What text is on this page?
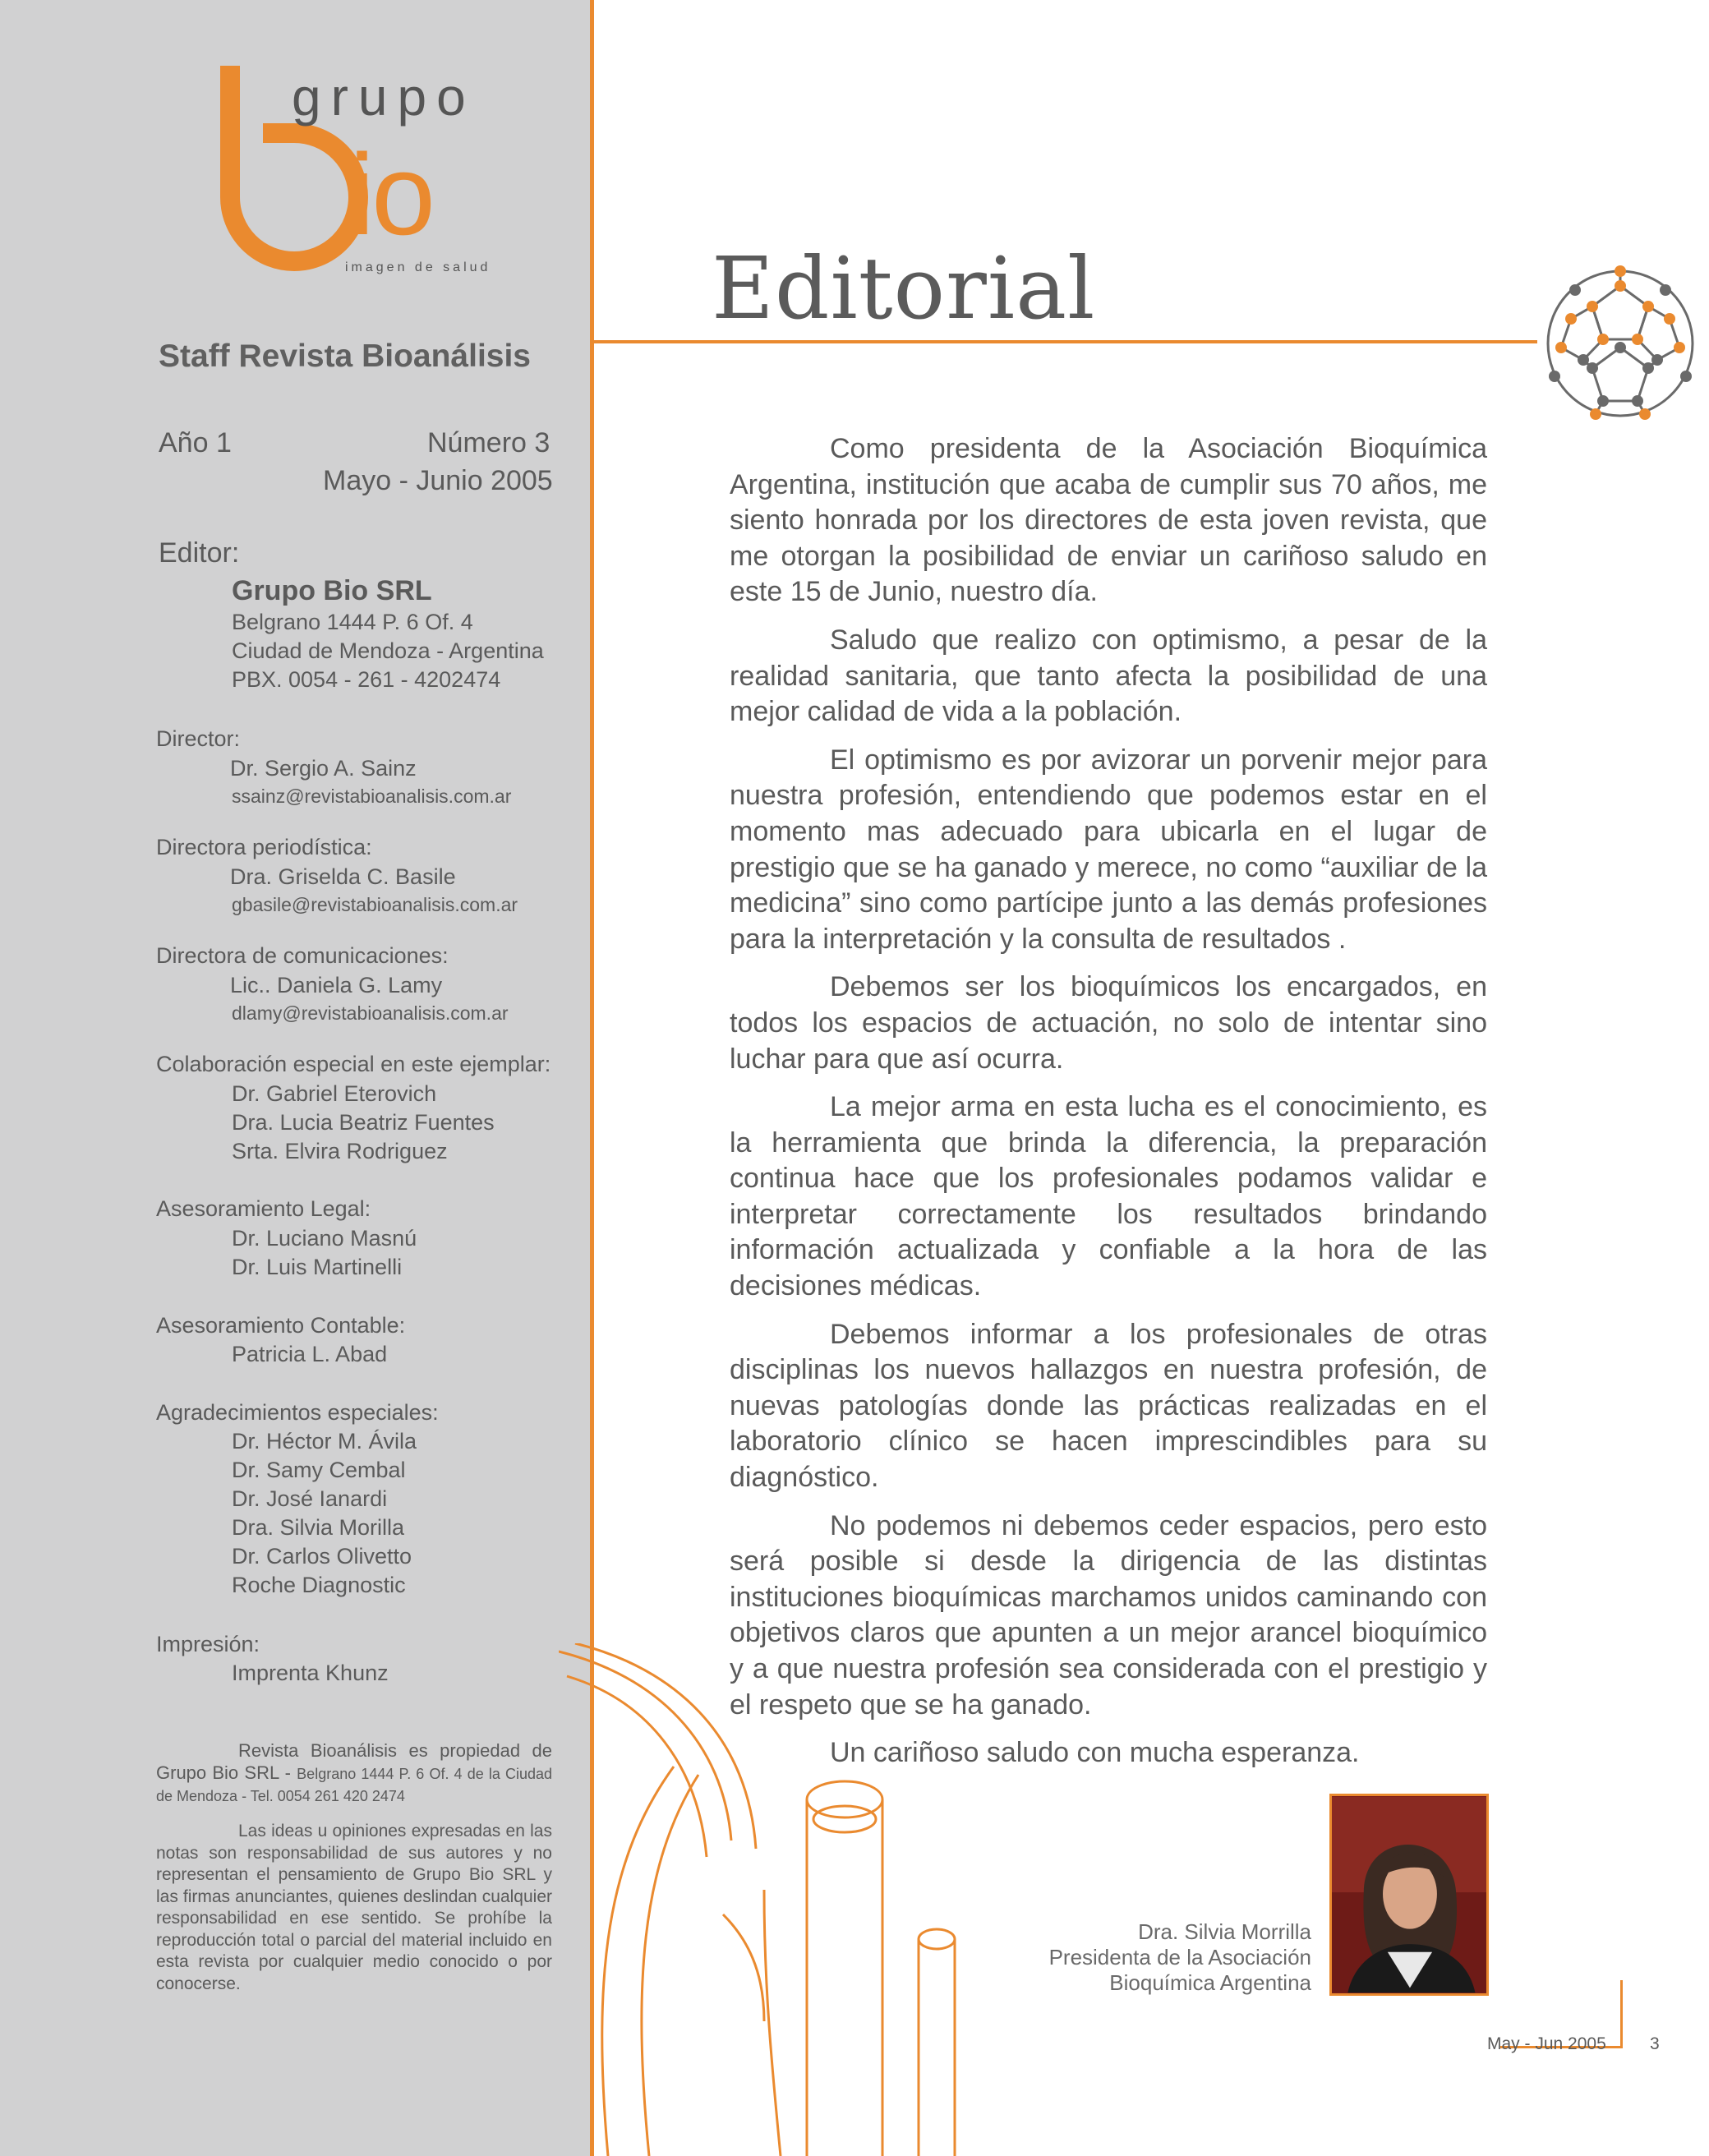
grupo
io
imagen de salud
Staff Revista Bioanálisis
Año 1	Número 3
Mayo - Junio 2005
Editor:
Grupo Bio SRL
Belgrano 1444 P. 6 Of. 4
Ciudad de Mendoza - Argentina
PBX. 0054 - 261 - 4202474
Director:
Dr. Sergio A. Sainz
ssainz@revistabioanalisis.com.ar
Directora periodística:
Dra. Griselda C. Basile
gbasile@revistabioanalisis.com.ar
Directora de comunicaciones:
Lic.. Daniela G. Lamy
dlamy@revistabioanalisis.com.ar
Colaboración especial en este ejemplar:
Dr. Gabriel Eterovich
Dra. Lucia Beatriz Fuentes
Srta. Elvira Rodriguez
Asesoramiento Legal:
Dr. Luciano Masnú
Dr. Luis Martinelli
Asesoramiento Contable:
Patricia L. Abad
Agradecimientos especiales:
Dr. Héctor M. Ávila
Dr. Samy Cembal
Dr. José Ianardi
Dra. Silvia Morilla
Dr. Carlos Olivetto
Roche Diagnostic
Impresión:
Imprenta Khunz
Revista Bioanálisis es propiedad de Grupo Bio SRL - Belgrano 1444 P. 6 Of. 4 de la Ciudad de Mendoza - Tel. 0054 261 420 2474
Las ideas u opiniones expresadas en las notas son responsabilidad de sus autores y no representan el pensamiento de Grupo Bio SRL y las firmas anunciantes, quienes deslindan cualquier responsabilidad en ese sentido. Se prohíbe la reproducción total o parcial del material incluido en esta revista por cualquier medio conocido o por conocerse.
Editorial

Como presidenta de la Asociación Bioquímica Argentina, institución que acaba de cumplir sus 70 años, me siento honrada por los directores de esta joven revista, que me otorgan la posibilidad de enviar un cariñoso saludo en este 15 de Junio, nuestro día.

Saludo que realizo con optimismo, a pesar de la realidad sanitaria, que tanto afecta la posibilidad de una mejor calidad de vida a la población.

El optimismo es por avizorar un porvenir mejor para nuestra profesión, entendiendo que podemos estar en el momento mas adecuado para ubicarla en el lugar de prestigio que se ha ganado y merece, no como “auxiliar de la medicina” sino como partícipe junto a las demás profesiones para la interpretación y la consulta de resultados .

Debemos ser los bioquímicos los encargados, en todos los espacios de actuación, no solo de intentar sino luchar para que así ocurra.

La mejor arma en esta lucha es el conocimiento, es la herramienta que brinda la diferencia, la preparación continua hace que los profesionales podamos validar e interpretar correctamente los resultados brindando información actualizada y confiable a la hora de las decisiones médicas.

Debemos informar a los profesionales de otras disciplinas los nuevos hallazgos en nuestra profesión, de nuevas patologías donde las prácticas realizadas en el laboratorio clínico se hacen imprescindibles para su diagnóstico.

No podemos ni debemos ceder espacios, pero esto será posible si desde la dirigencia de las distintas instituciones bioquímicas marchamos unidos caminando con objetivos claros que apunten a un mejor arancel bioquímico y a que nuestra profesión sea considerada con el prestigio y el respeto que se ha ganado.

Un cariñoso saludo con mucha esperanza.

Dra. Silvia Morrilla
Presidenta de la Asociación
Bioquímica Argentina
May - Jun 2005	3
